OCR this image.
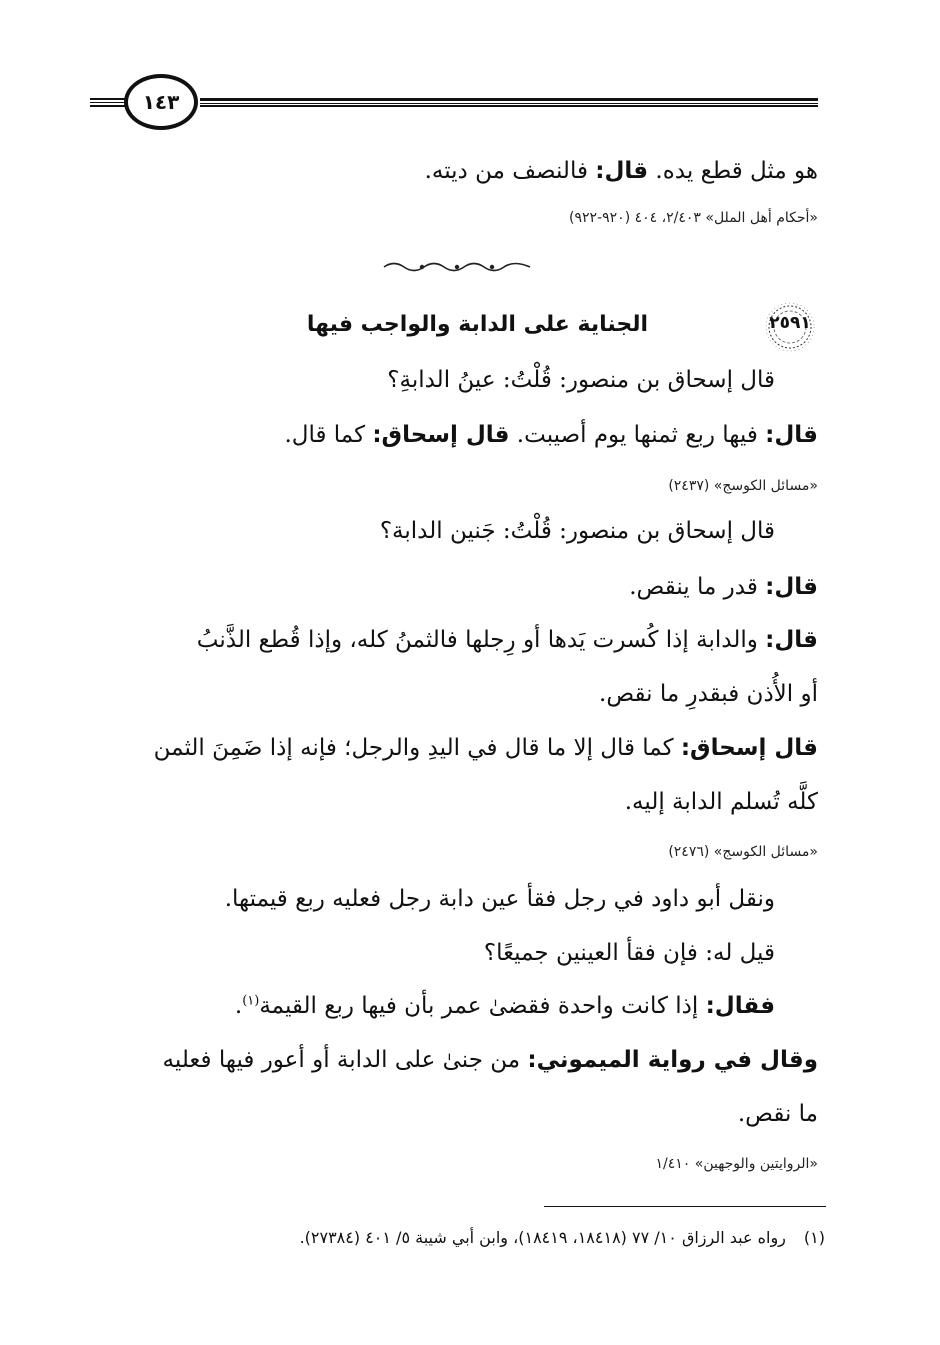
١٤٣
هو مثل قطع يده. قال: فالنصف من ديته.
«أحكام أهل الملل» ٢/٤٠٣، ٤٠٤ (٩٢٠-٩٢٢)
٢٥٩١
الجناية على الدابة والواجب فيها
قال إسحاق بن منصور: قُلْتُ: عينُ الدابةِ؟
قال: فيها ربع ثمنها يوم أصيبت. قال إسحاق: كما قال.
«مسائل الكوسج» (٢٤٣٧)
قال إسحاق بن منصور: قُلْتُ: جَنين الدابة؟
قال: قدر ما ينقص.
قال: والدابة إذا كُسرت يَدها أو رِجلها فالثمنُ كله، وإذا قُطع الذَّنبُ
أو الأُذن فبقدرِ ما نقص.
قال إسحاق: كما قال إلا ما قال في اليدِ والرجل؛ فإنه إذا ضَمِنَ الثمن
كلَّه تُسلم الدابة إليه.
«مسائل الكوسج» (٢٤٧٦)
ونقل أبو داود في رجل فقأ عين دابة رجل فعليه ربع قيمتها.
قيل له: فإن فقأ العينين جميعًا؟
فقال: إذا كانت واحدة فقضىٰ عمر بأن فيها ربع القيمة$^{(١)}$.
وقال في رواية الميموني: من جنىٰ على الدابة أو أعور فيها فعليه
ما نقص.
«الروايتين والوجهين» ١/٤١٠
(١)رواه عبد الرزاق ١٠/ ٧٧ (١٨٤١٨، ١٨٤١٩)، وابن أبي شيبة ٥/ ٤٠١ (٢٧٣٨٤).
